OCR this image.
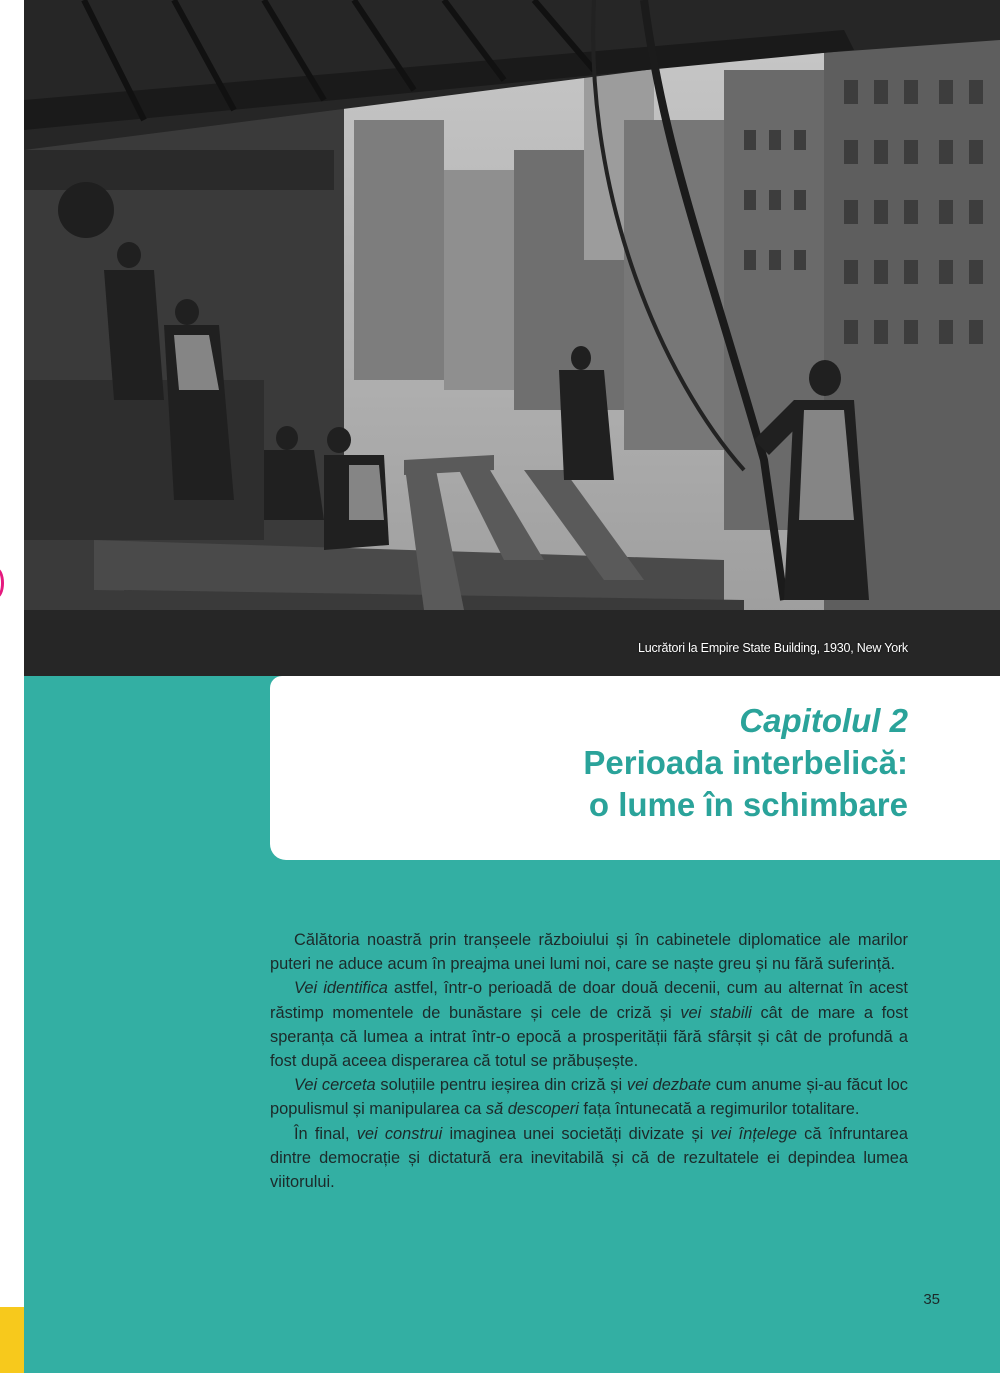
Lucrători la Empire State Building, 1930, New York
Capitolul 2
Perioada interbelică:
o lume în schimbare

Călătoria noastră prin tranșeele războiului și în cabinetele diplomatice ale marilor puteri ne aduce acum în preajma unei lumi noi, care se naște greu și nu fără suferință.

Vei identifica astfel, într-o perioadă de doar două decenii, cum au alternat în acest răstimp momentele de bunăstare și cele de criză și vei stabili cât de mare a fost speranța că lumea a intrat într-o epocă a prosperității fără sfârșit și cât de profundă a fost după aceea disperarea că totul se prăbușește.

Vei cerceta soluțiile pentru ieșirea din criză și vei dezbate cum anume și-au făcut loc populismul și manipularea ca să descoperi fața întunecată a regimurilor totalitare.

În final, vei construi imaginea unei societăți divizate și vei înțelege că înfruntarea dintre democrație și dictatură era inevitabilă și că de rezultatele ei depindea lumea viitorului.

35
